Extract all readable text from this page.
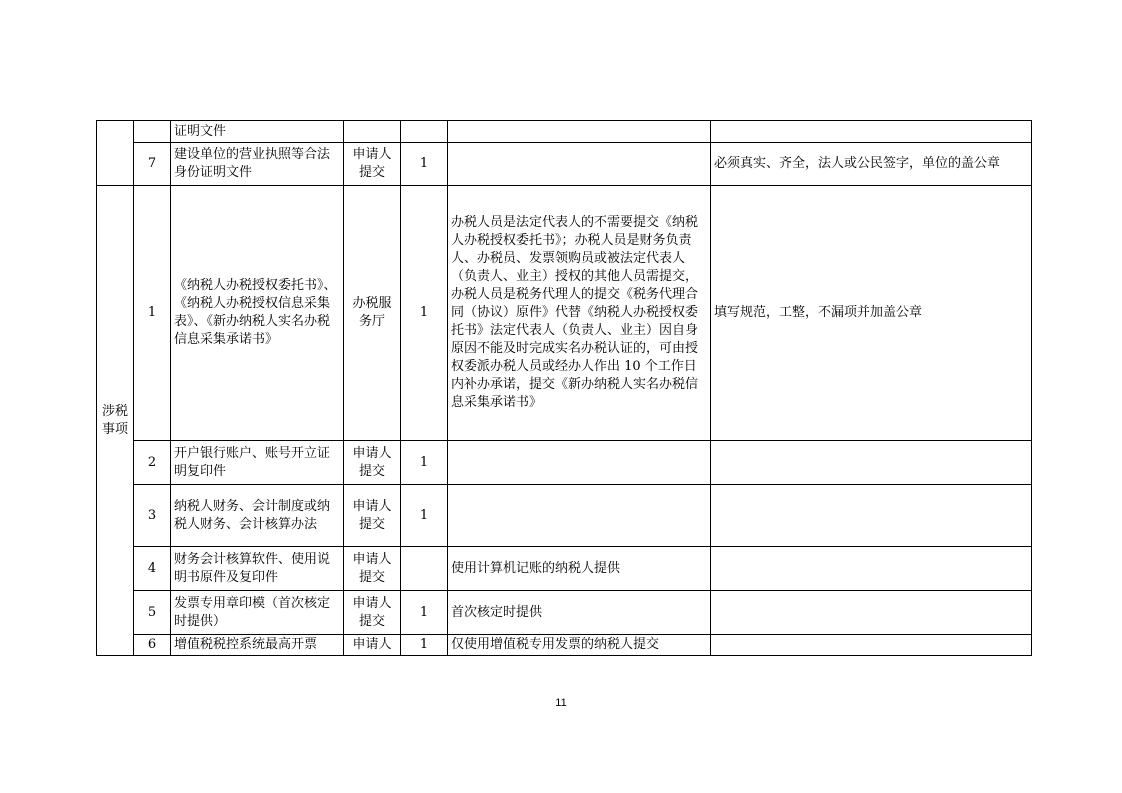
		证明文件				
	7	建设单位的营业执照等合法身份证明文件	申请人提交	1		必须真实、齐全，法人或公民签字，单位的盖公章
涉税事项	1	《纳税人办税授权委托书》、《纳税人办税授权信息采集表》、《新办纳税人实名办税信息采集承诺书》	办税服务厅	1	办税人员是法定代表人的不需要提交《纳税人办税授权委托书》；办税人员是财务负责人、办税员、发票领购员或被法定代表人（负责人、业主）授权的其他人员需提交，办税人员是税务代理人的提交《税务代理合同（协议）原件》代替《纳税人办税授权委托书》法定代表人（负责人、业主）因自身原因不能及时完成实名办税认证的，可由授权委派办税人员或经办人作出 10 个工作日内补办承诺，提交《新办纳税人实名办税信息采集承诺书》	填写规范，工整，不漏项并加盖公章
	2	开户银行账户、账号开立证明复印件	申请人提交	1		
	3	纳税人财务、会计制度或纳税人财务、会计核算办法	申请人提交	1		
	4	财务会计核算软件、使用说明书原件及复印件	申请人提交		使用计算机记账的纳税人提供	
	5	发票专用章印模（首次核定时提供）	申请人提交	1	首次核定时提供	
	6	增值税税控系统最高开票	申请人	1	仅使用增值税专用发票的纳税人提交	
11
